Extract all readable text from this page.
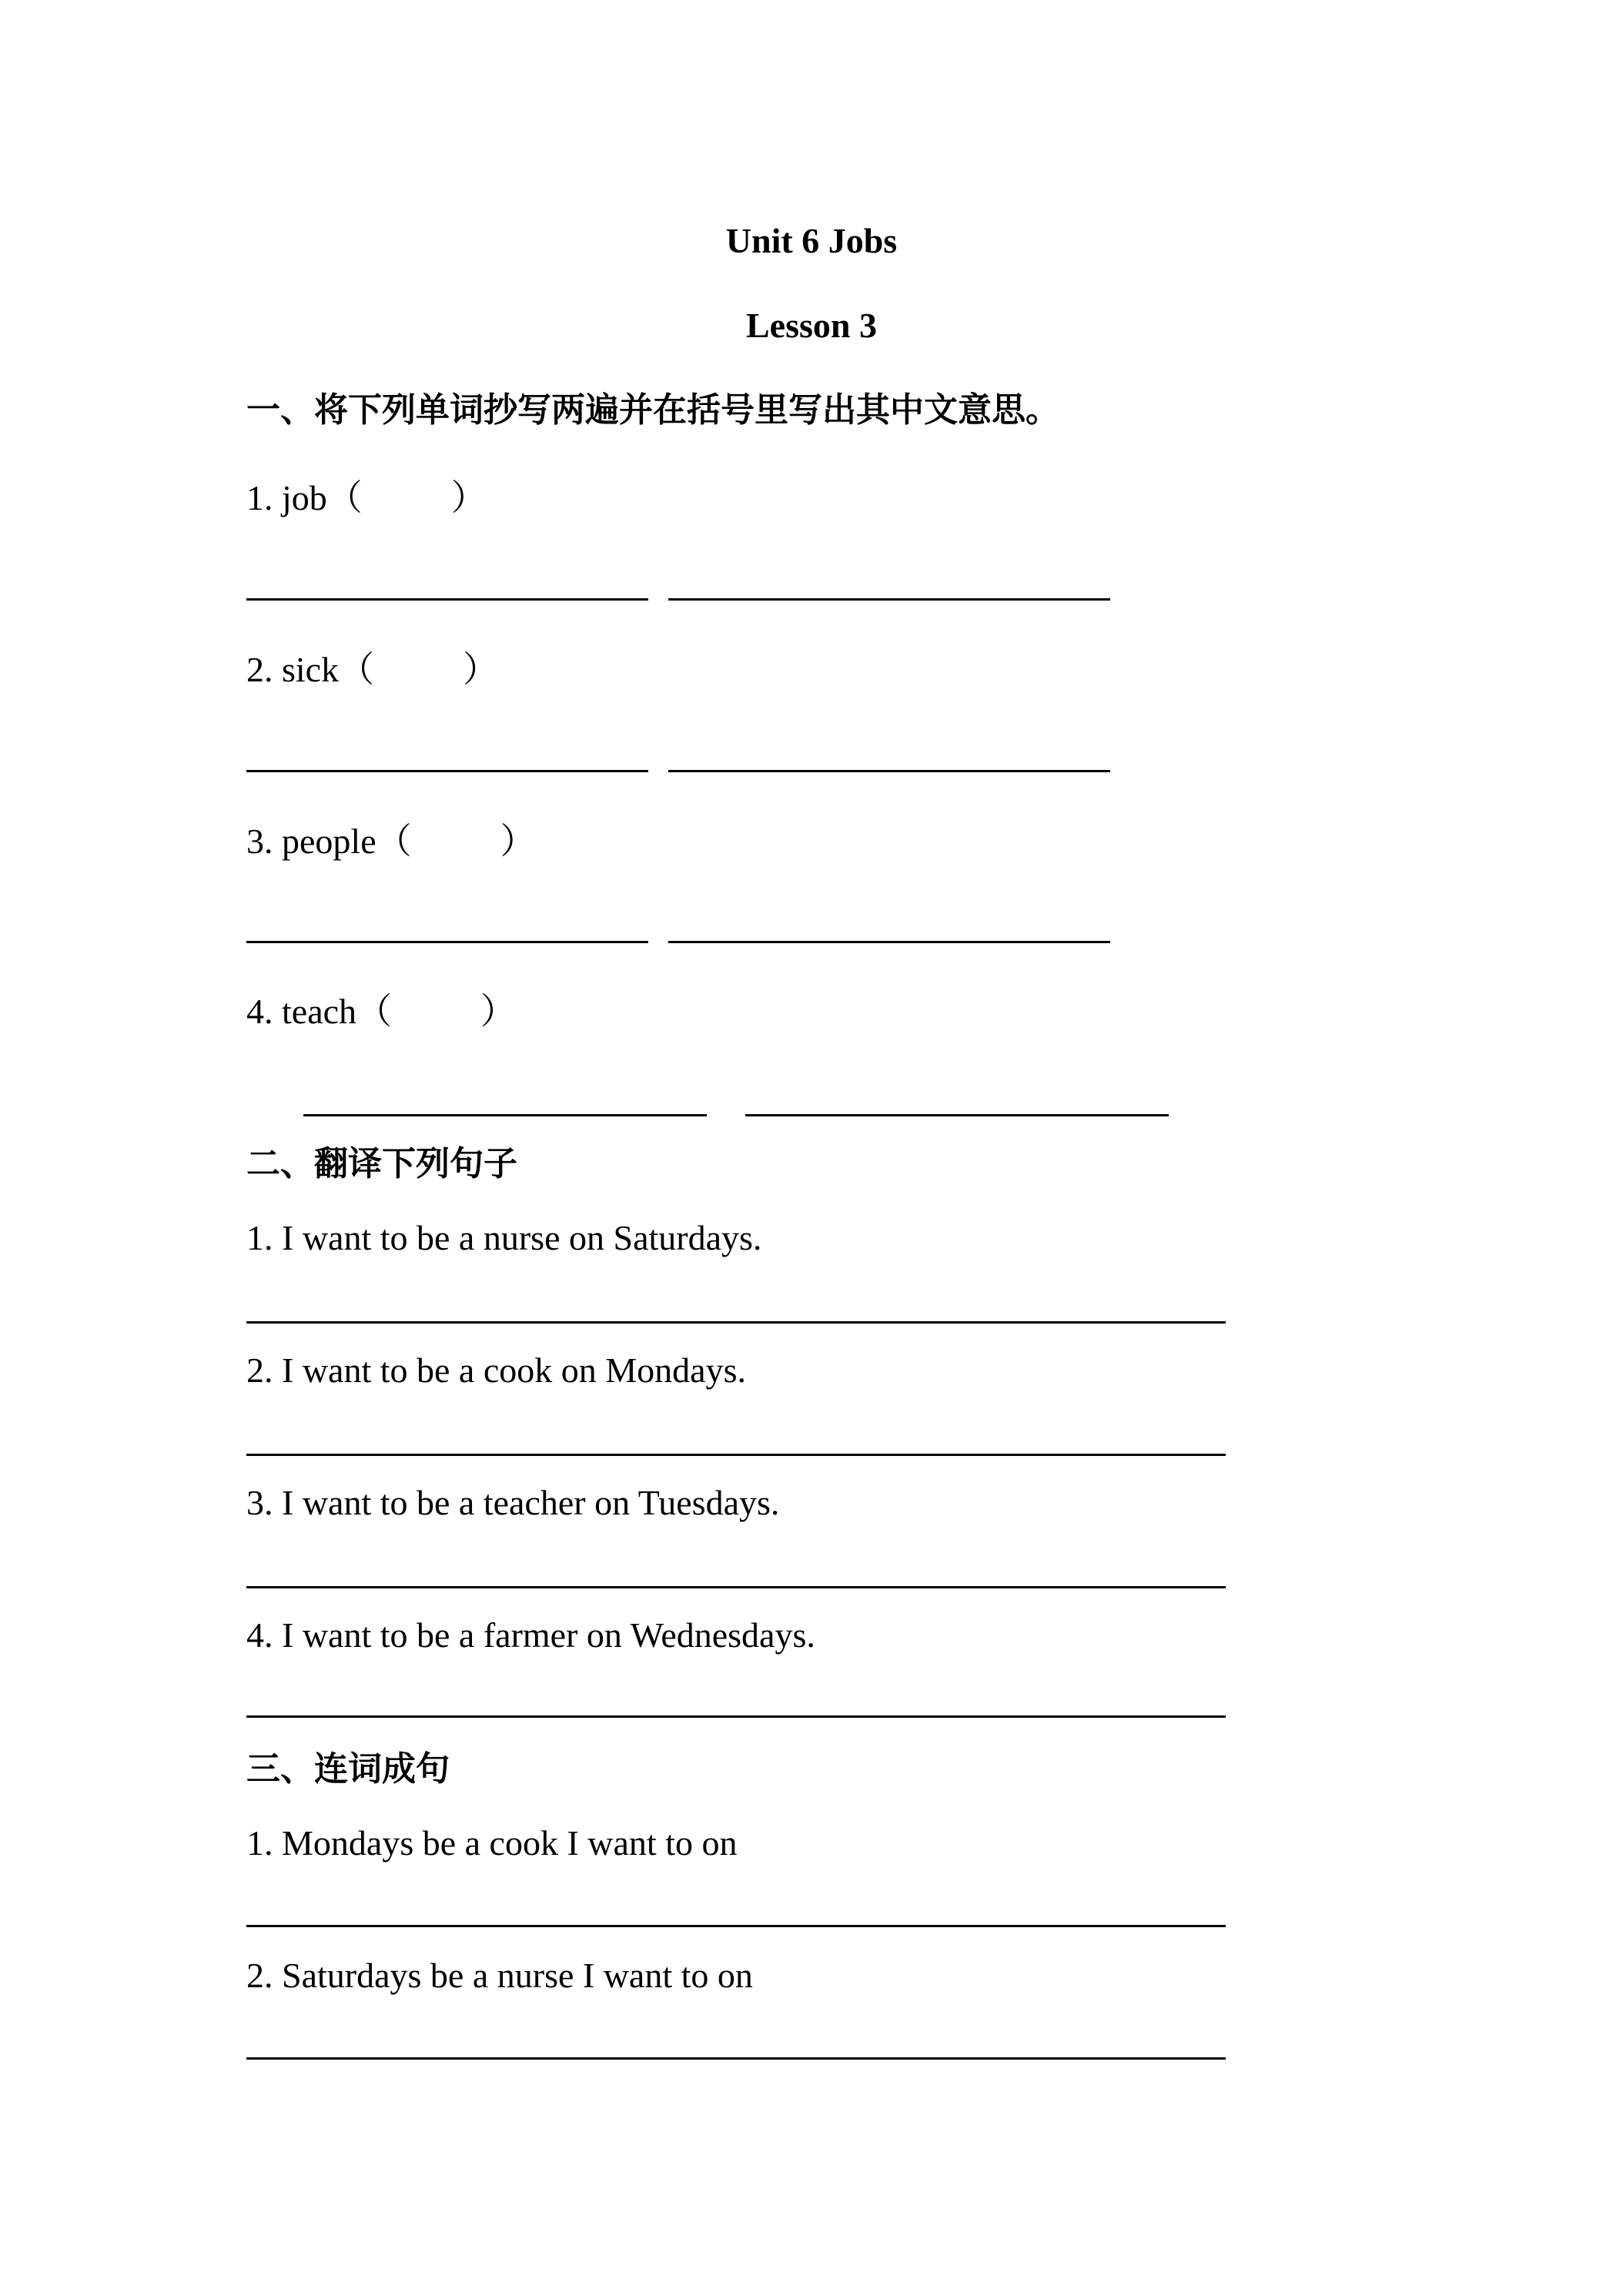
Unit 6 Jobs
Lesson 3
一、将下列单词抄写两遍并在括号里写出其中文意思。
1. job（          ）
2. sick（          ）
3. people（          ）
4. teach（          ）
二、翻译下列句子
1. I want to be a nurse on Saturdays.
2. I want to be a cook on Mondays.
3. I want to be a teacher on Tuesdays.
4. I want to be a farmer on Wednesdays.
三、连词成句
1. Mondays be a cook I want to on
2. Saturdays be a nurse I want to on
